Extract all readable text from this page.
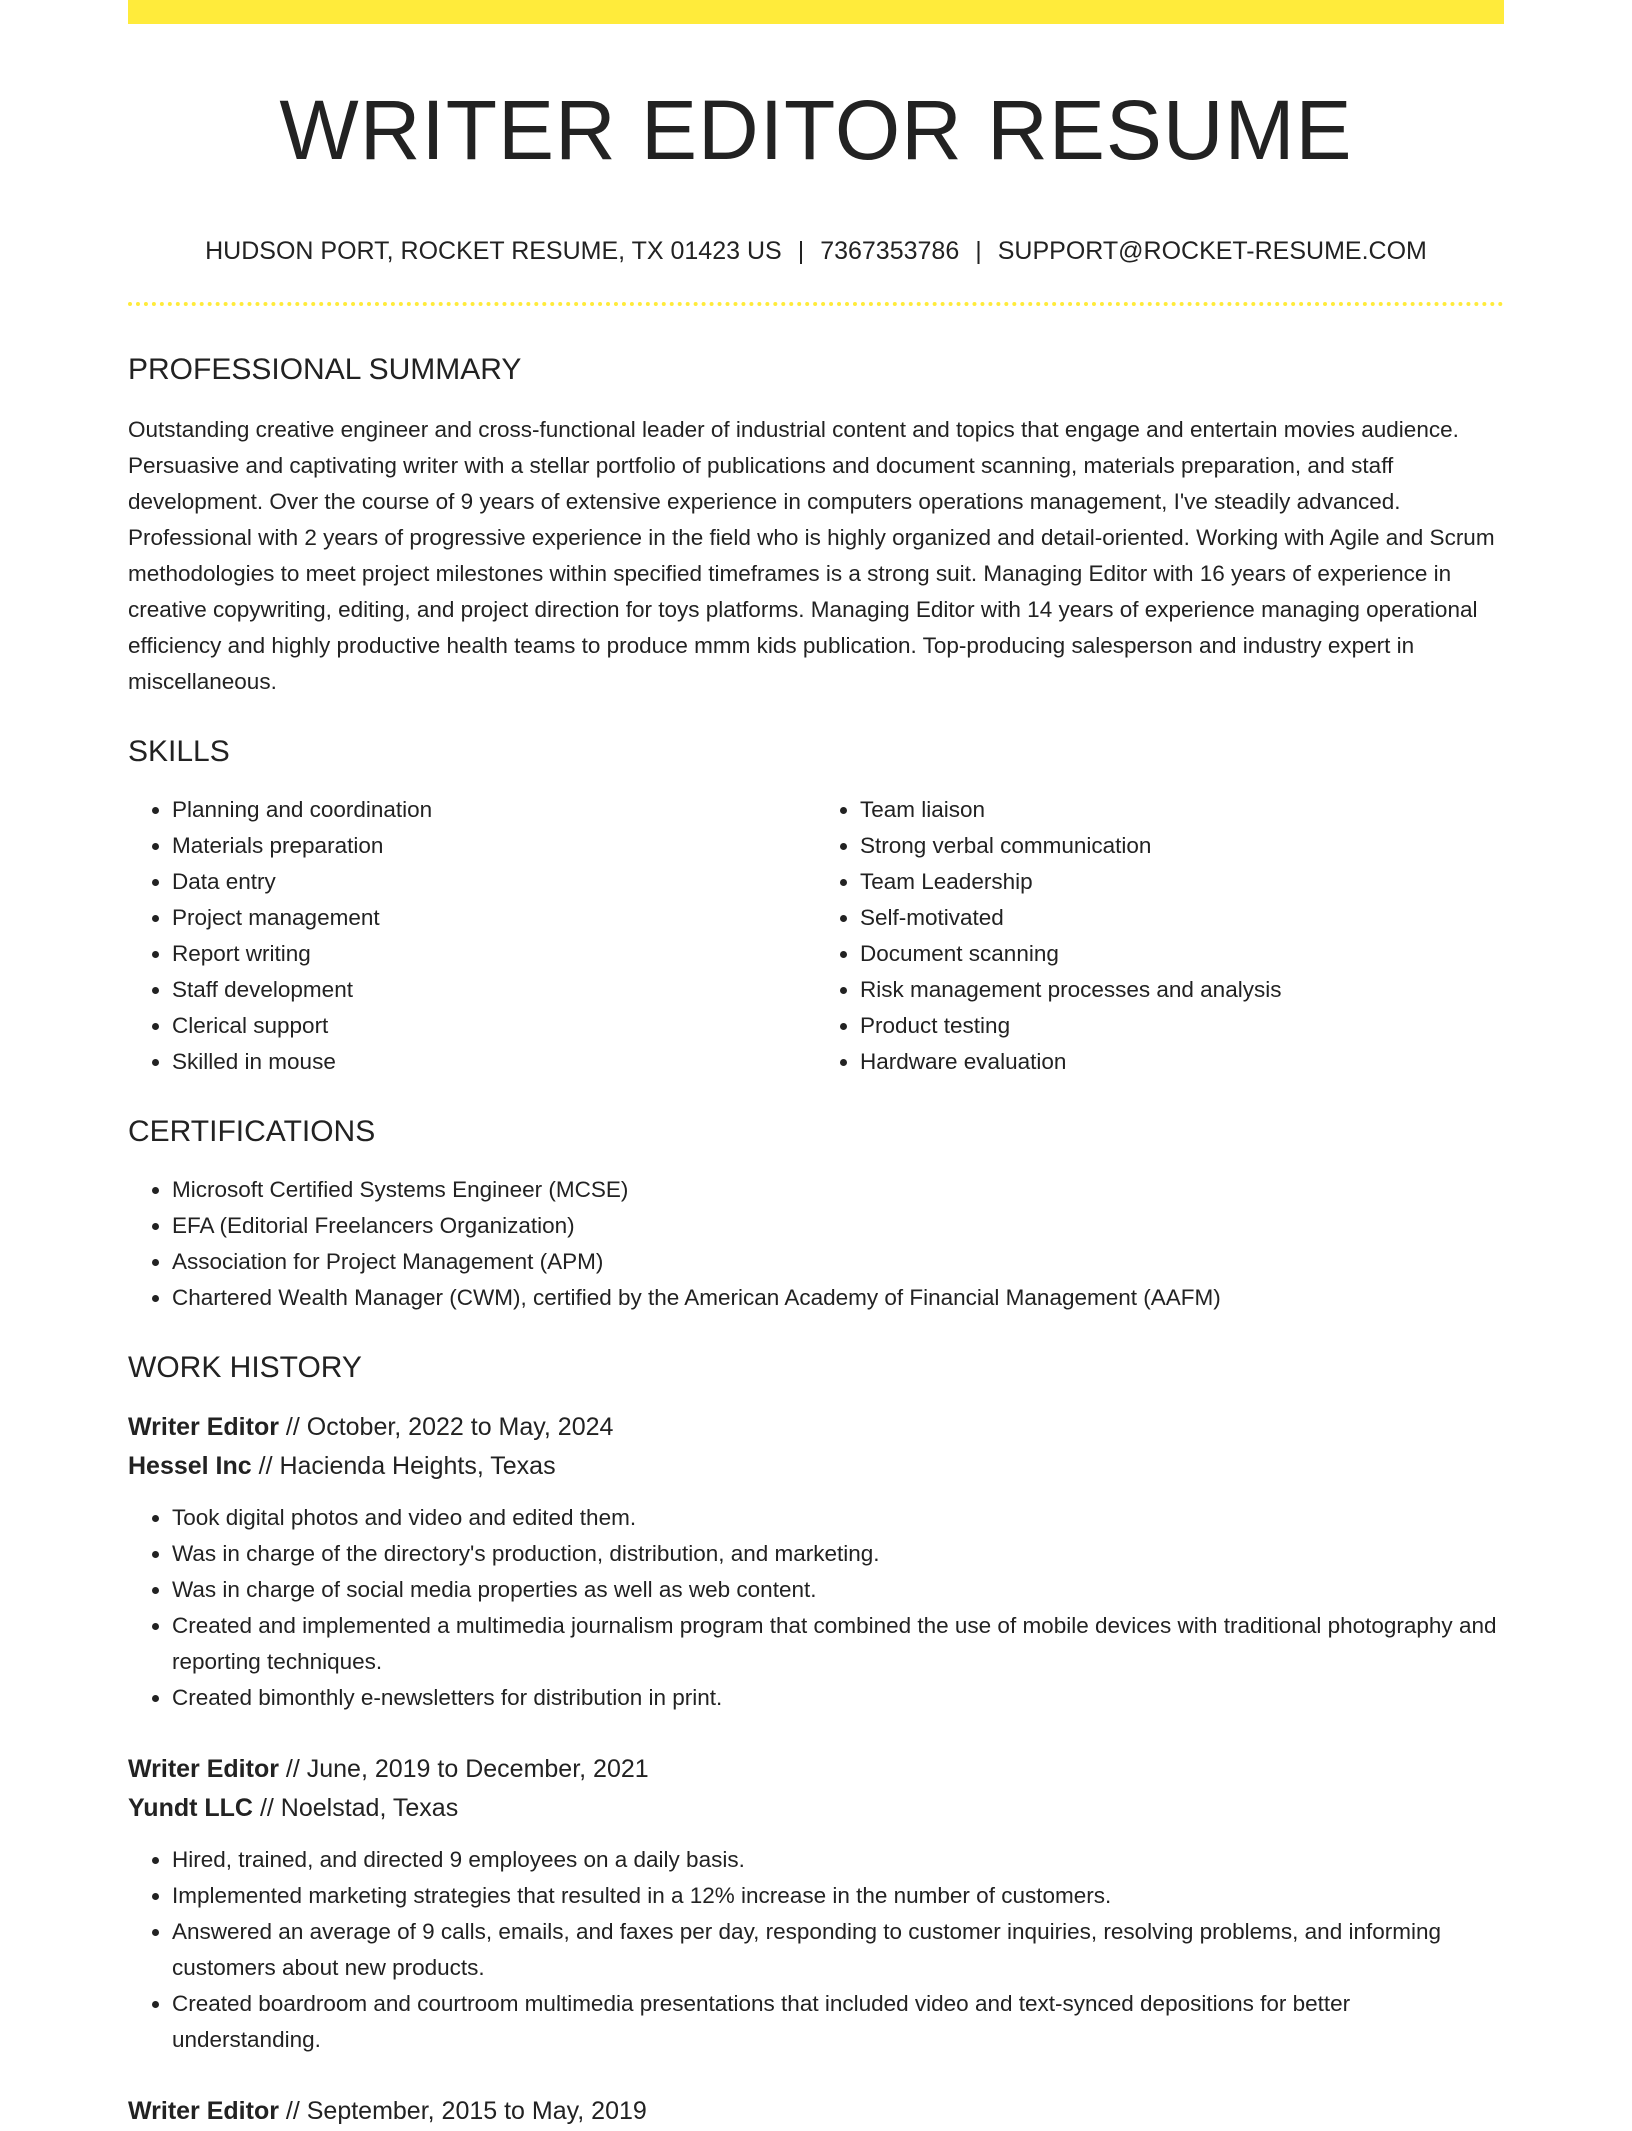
WRITER EDITOR RESUME
HUDSON PORT, ROCKET RESUME, TX 01423 US | 7367353786 | SUPPORT@ROCKET-RESUME.COM
PROFESSIONAL SUMMARY

Outstanding creative engineer and cross-functional leader of industrial content and topics that engage and entertain movies audience. Persuasive and captivating writer with a stellar portfolio of publications and document scanning, materials preparation, and staff development. Over the course of 9 years of extensive experience in computers operations management, I've steadily advanced. Professional with 2 years of progressive experience in the field who is highly organized and detail-oriented. Working with Agile and Scrum methodologies to meet project milestones within specified timeframes is a strong suit. Managing Editor with 16 years of experience in creative copywriting, editing, and project direction for toys platforms. Managing Editor with 14 years of experience managing operational efficiency and highly productive health teams to produce mmm kids publication. Top-producing salesperson and industry expert in miscellaneous.

SKILLS
• Planning and coordination
• Materials preparation
• Data entry
• Project management
• Report writing
• Staff development
• Clerical support
• Skilled in mouse
• Team liaison
• Strong verbal communication
• Team Leadership
• Self-motivated
• Document scanning
• Risk management processes and analysis
• Product testing
• Hardware evaluation
CERTIFICATIONS
• Microsoft Certified Systems Engineer (MCSE)
• EFA (Editorial Freelancers Organization)
• Association for Project Management (APM)
• Chartered Wealth Manager (CWM), certified by the American Academy of Financial Management (AAFM)
WORK HISTORY
Writer Editor // October, 2022 to May, 2024
Hessel Inc // Hacienda Heights, Texas
• Took digital photos and video and edited them.
• Was in charge of the directory's production, distribution, and marketing.
• Was in charge of social media properties as well as web content.
• Created and implemented a multimedia journalism program that combined the use of mobile devices with traditional photography and reporting techniques.
• Created bimonthly e-newsletters for distribution in print.
Writer Editor // June, 2019 to December, 2021
Yundt LLC // Noelstad, Texas
• Hired, trained, and directed 9 employees on a daily basis.
• Implemented marketing strategies that resulted in a 12% increase in the number of customers.
• Answered an average of 9 calls, emails, and faxes per day, responding to customer inquiries, resolving problems, and informing customers about new products.
• Created boardroom and courtroom multimedia presentations that included video and text-synced depositions for better understanding.
Writer Editor // September, 2015 to May, 2019
